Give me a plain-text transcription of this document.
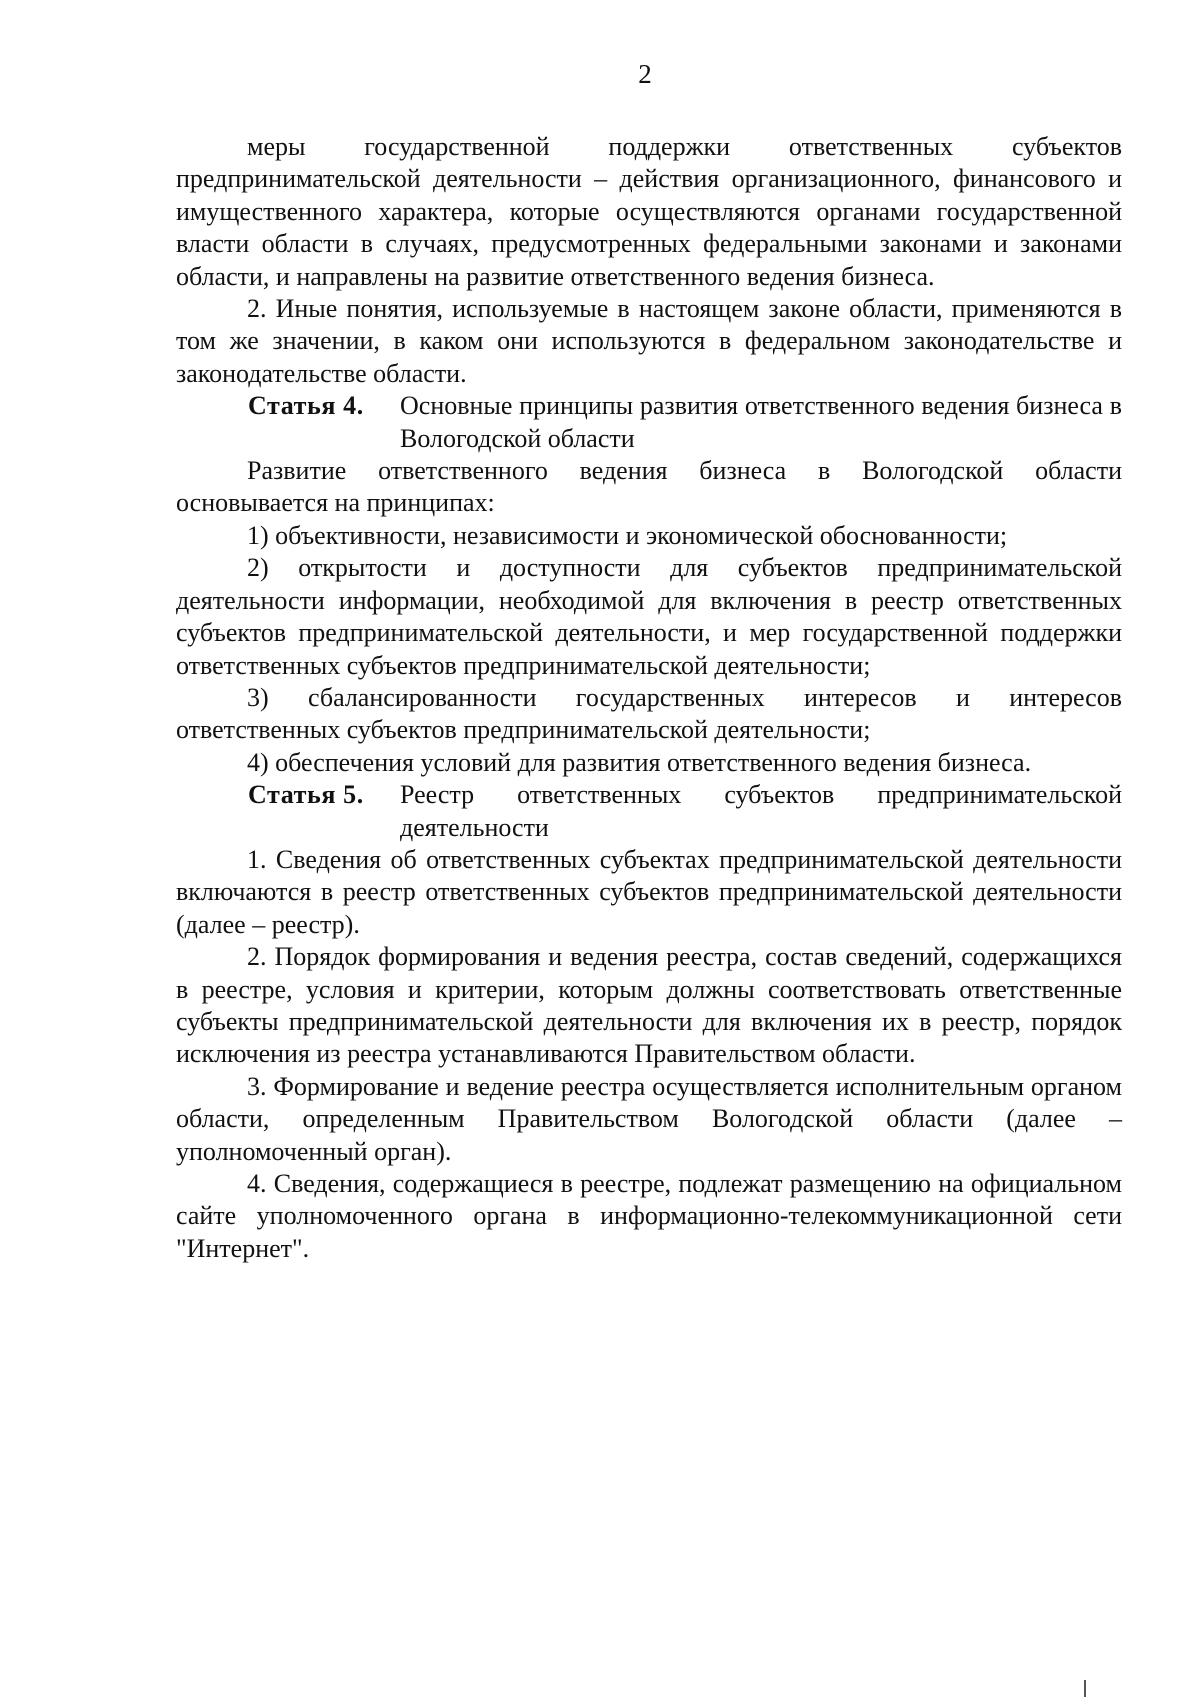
2

меры государственной поддержки ответственных субъектов предпринимательской деятельности – действия организационного, финансового и имущественного характера, которые осуществляются органами государственной власти области в случаях, предусмотренных федеральными законами и законами области, и направлены на развитие ответственного ведения бизнеса.

2. Иные понятия, используемые в настоящем законе области, применяются в том же значении, в каком они используются в федеральном законодательстве и законодательстве области.

Статья 4.	Основные принципы развития ответственного ведения бизнеса в Вологодской области

Развитие ответственного ведения бизнеса в Вологодской области основывается на принципах:

1) объективности, независимости и экономической обоснованности;

2) открытости и доступности для субъектов предпринимательской деятельности информации, необходимой для включения в реестр ответственных субъектов предпринимательской деятельности, и мер государственной поддержки ответственных субъектов предпринимательской деятельности;

3) сбалансированности государственных интересов и интересов ответственных субъектов предпринимательской деятельности;

4) обеспечения условий для развития ответственного ведения бизнеса.

Статья 5.	Реестр ответственных субъектов предпринимательской деятельности

1. Сведения об ответственных субъектах предпринимательской деятельности включаются в реестр ответственных субъектов предпринимательской деятельности (далее – реестр).

2. Порядок формирования и ведения реестра, состав сведений, содержащихся в реестре, условия и критерии, которым должны соответствовать ответственные субъекты предпринимательской деятельности для включения их в реестр, порядок исключения из реестра устанавливаются Правительством области.

3. Формирование и ведение реестра осуществляется исполнительным органом области, определенным Правительством Вологодской области (далее – уполномоченный орган).

4. Сведения, содержащиеся в реестре, подлежат размещению на официальном сайте уполномоченного органа в информационно-телекоммуникационной сети "Интернет".
